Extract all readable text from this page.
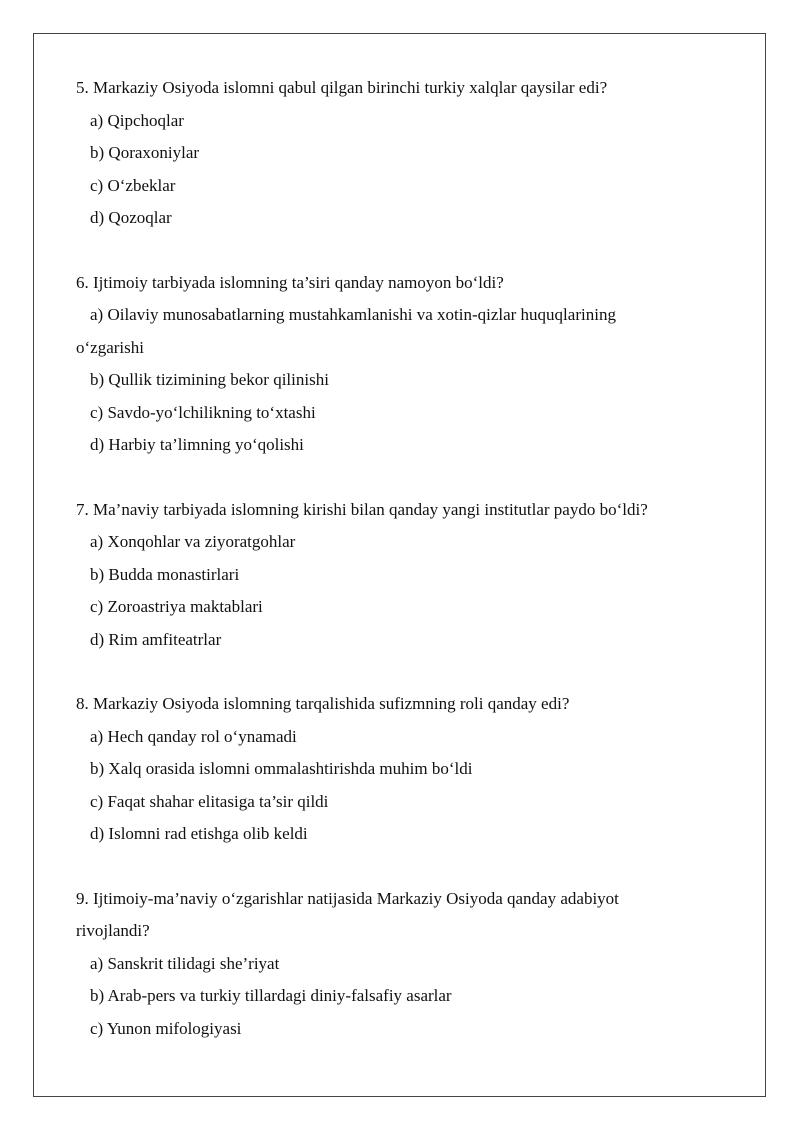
5. Markaziy Osiyoda islomni qabul qilgan birinchi turkiy xalqlar qaysilar edi?

a) Qipchoqlar

b) Qoraxoniylar

c) O‘zbeklar

d) Qozoqlar

6. Ijtimoiy tarbiyada islomning ta’siri qanday namoyon bo‘ldi?

a) Oilaviy munosabatlarning mustahkamlanishi va xotin-qizlar huquqlarining

o‘zgarishi

b) Qullik tizimining bekor qilinishi

c) Savdo-yo‘lchilikning to‘xtashi

d) Harbiy ta’limning yo‘qolishi

7. Ma’naviy tarbiyada islomning kirishi bilan qanday yangi institutlar paydo bo‘ldi?

a) Xonqohlar va ziyoratgohlar

b) Budda monastirlari

c) Zoroastriya maktablari

d) Rim amfiteatrlar

8. Markaziy Osiyoda islomning tarqalishida sufizmning roli qanday edi?

a) Hech qanday rol o‘ynamadi

b) Xalq orasida islomni ommalashtirishda muhim bo‘ldi

c) Faqat shahar elitasiga ta’sir qildi

d) Islomni rad etishga olib keldi

9. Ijtimoiy-ma’naviy o‘zgarishlar natijasida Markaziy Osiyoda qanday adabiyot

rivojlandi?

a) Sanskrit tilidagi she’riyat

b) Arab-pers va turkiy tillardagi diniy-falsafiy asarlar

c) Yunon mifologiyasi
